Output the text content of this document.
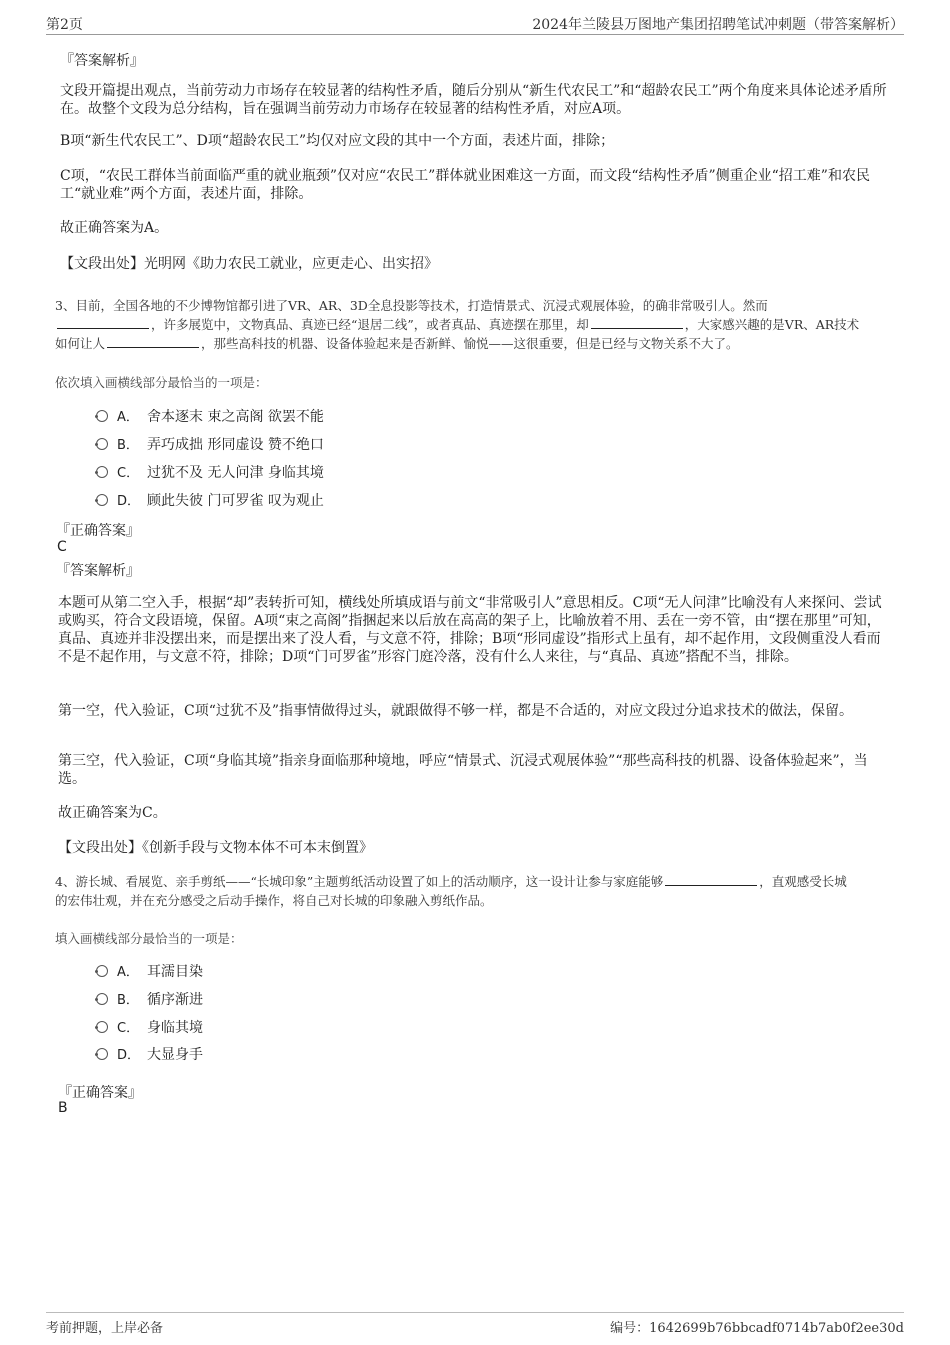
第2页	2024年兰陵县万图地产集团招聘笔试冲刺题（带答案解析）
『答案解析』
文段开篇提出观点，当前劳动力市场存在较显著的结构性矛盾，随后分别从“新生代农民工”和“超龄农民工”两个角度来具体论述矛盾所在。故整个文段为总分结构，旨在强调当前劳动力市场存在较显著的结构性矛盾，对应A项。
B项“新生代农民工”、D项“超龄农民工”均仅对应文段的其中一个方面，表述片面，排除；
C项，“农民工群体当前面临严重的就业瓶颈”仅对应“农民工”群体就业困难这一方面，而文段“结构性矛盾”侧重企业“招工难”和农民工“就业难”两个方面，表述片面，排除。
故正确答案为A。
【文段出处】光明网《助力农民工就业，应更走心、出实招》
3、目前，全国各地的不少博物馆都引进了VR、AR、3D全息投影等技术，打造情景式、沉浸式观展体验，的确非常吸引人。然而
，许多展览中，文物真品、真迹已经“退居二线”，或者真品、真迹摆在那里，却	，大家感兴趣的是VR、AR技术
如何让人	，那些高科技的机器、设备体验起来是否新鲜、愉悦——这很重要，但是已经与文物关系不大了。
依次填入画横线部分最恰当的一项是：
A． 舍本逐末 束之高阁 欲罢不能
B． 弄巧成拙 形同虚设 赞不绝口
C． 过犹不及 无人问津 身临其境
D． 顾此失彼 门可罗雀 叹为观止
『正确答案』
C
『答案解析』
本题可从第二空入手，根据“却”表转折可知，横线处所填成语与前文“非常吸引人”意思相反。C项“无人问津”比喻没有人来探问、尝试或购买，符合文段语境，保留。A项“束之高阁”指捆起来以后放在高高的架子上，比喻放着不用、丢在一旁不管，由“摆在那里”可知，真品、真迹并非没摆出来，而是摆出来了没人看，与文意不符，排除；B项“形同虚设”指形式上虽有，却不起作用，文段侧重没人看而不是不起作用，与文意不符，排除；D项“门可罗雀”形容门庭冷落，没有什么人来往，与“真品、真迹”搭配不当，排除。
第一空，代入验证，C项“过犹不及”指事情做得过头，就跟做得不够一样，都是不合适的，对应文段过分追求技术的做法，保留。
第三空，代入验证，C项“身临其境”指亲身面临那种境地，呼应“情景式、沉浸式观展体验”“那些高科技的机器、设备体验起来”，当选。
故正确答案为C。
【文段出处】《创新手段与文物本体不可本末倒置》
4、游长城、看展览、亲手剪纸——“长城印象”主题剪纸活动设置了如上的活动顺序，这一设计让参与家庭能够	，直观感受长城
的宏伟壮观，并在充分感受之后动手操作，将自己对长城的印象融入剪纸作品。
填入画横线部分最恰当的一项是：
A． 耳濡目染
B． 循序渐进
C． 身临其境
D． 大显身手
『正确答案』
B
考前押题，上岸必备	编号：1642699b76bbcadf0714b7ab0f2ee30d
